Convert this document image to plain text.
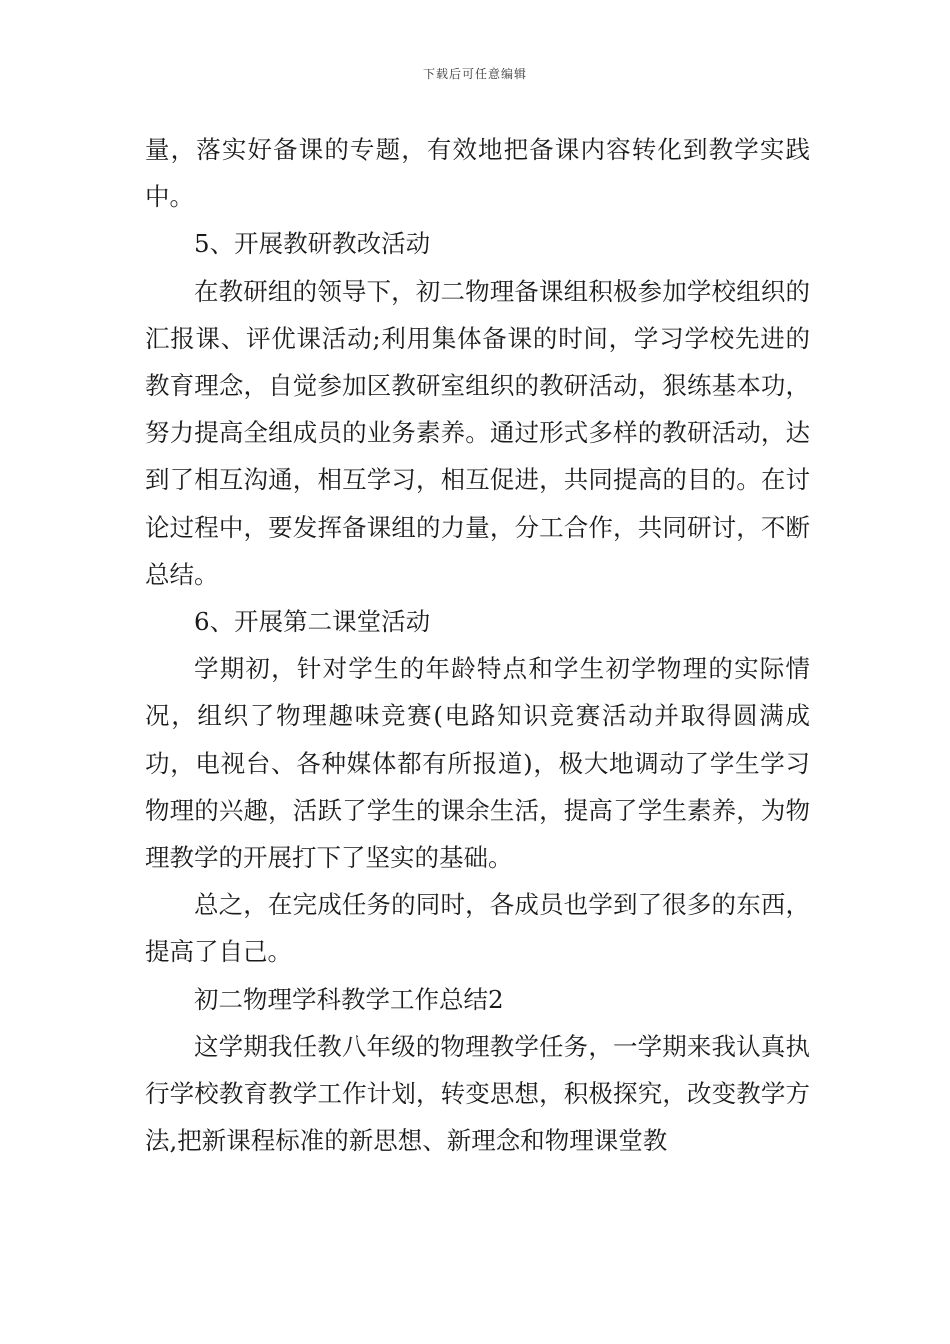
下载后可任意编辑

量，落实好备课的专题，有效地把备课内容转化到教学实践中。

5、开展教研教改活动

在教研组的领导下，初二物理备课组积极参加学校组织的汇报课、评优课活动;利用集体备课的时间，学习学校先进的教育理念，自觉参加区教研室组织的教研活动，狠练基本功，努力提高全组成员的业务素养。通过形式多样的教研活动，达到了相互沟通，相互学习，相互促进，共同提高的目的。在讨论过程中，要发挥备课组的力量，分工合作，共同研讨，不断总结。

6、开展第二课堂活动

学期初，针对学生的年龄特点和学生初学物理的实际情况，组织了物理趣味竞赛(电路知识竞赛活动并取得圆满成功，电视台、各种媒体都有所报道)，极大地调动了学生学习物理的兴趣，活跃了学生的课余生活，提高了学生素养，为物理教学的开展打下了坚实的基础。

总之，在完成任务的同时，各成员也学到了很多的东西，提高了自己。

初二物理学科教学工作总结2

这学期我任教八年级的物理教学任务，一学期来我认真执行学校教育教学工作计划，转变思想，积极探究，改变教学方法,把新课程标准的新思想、新理念和物理课堂教
